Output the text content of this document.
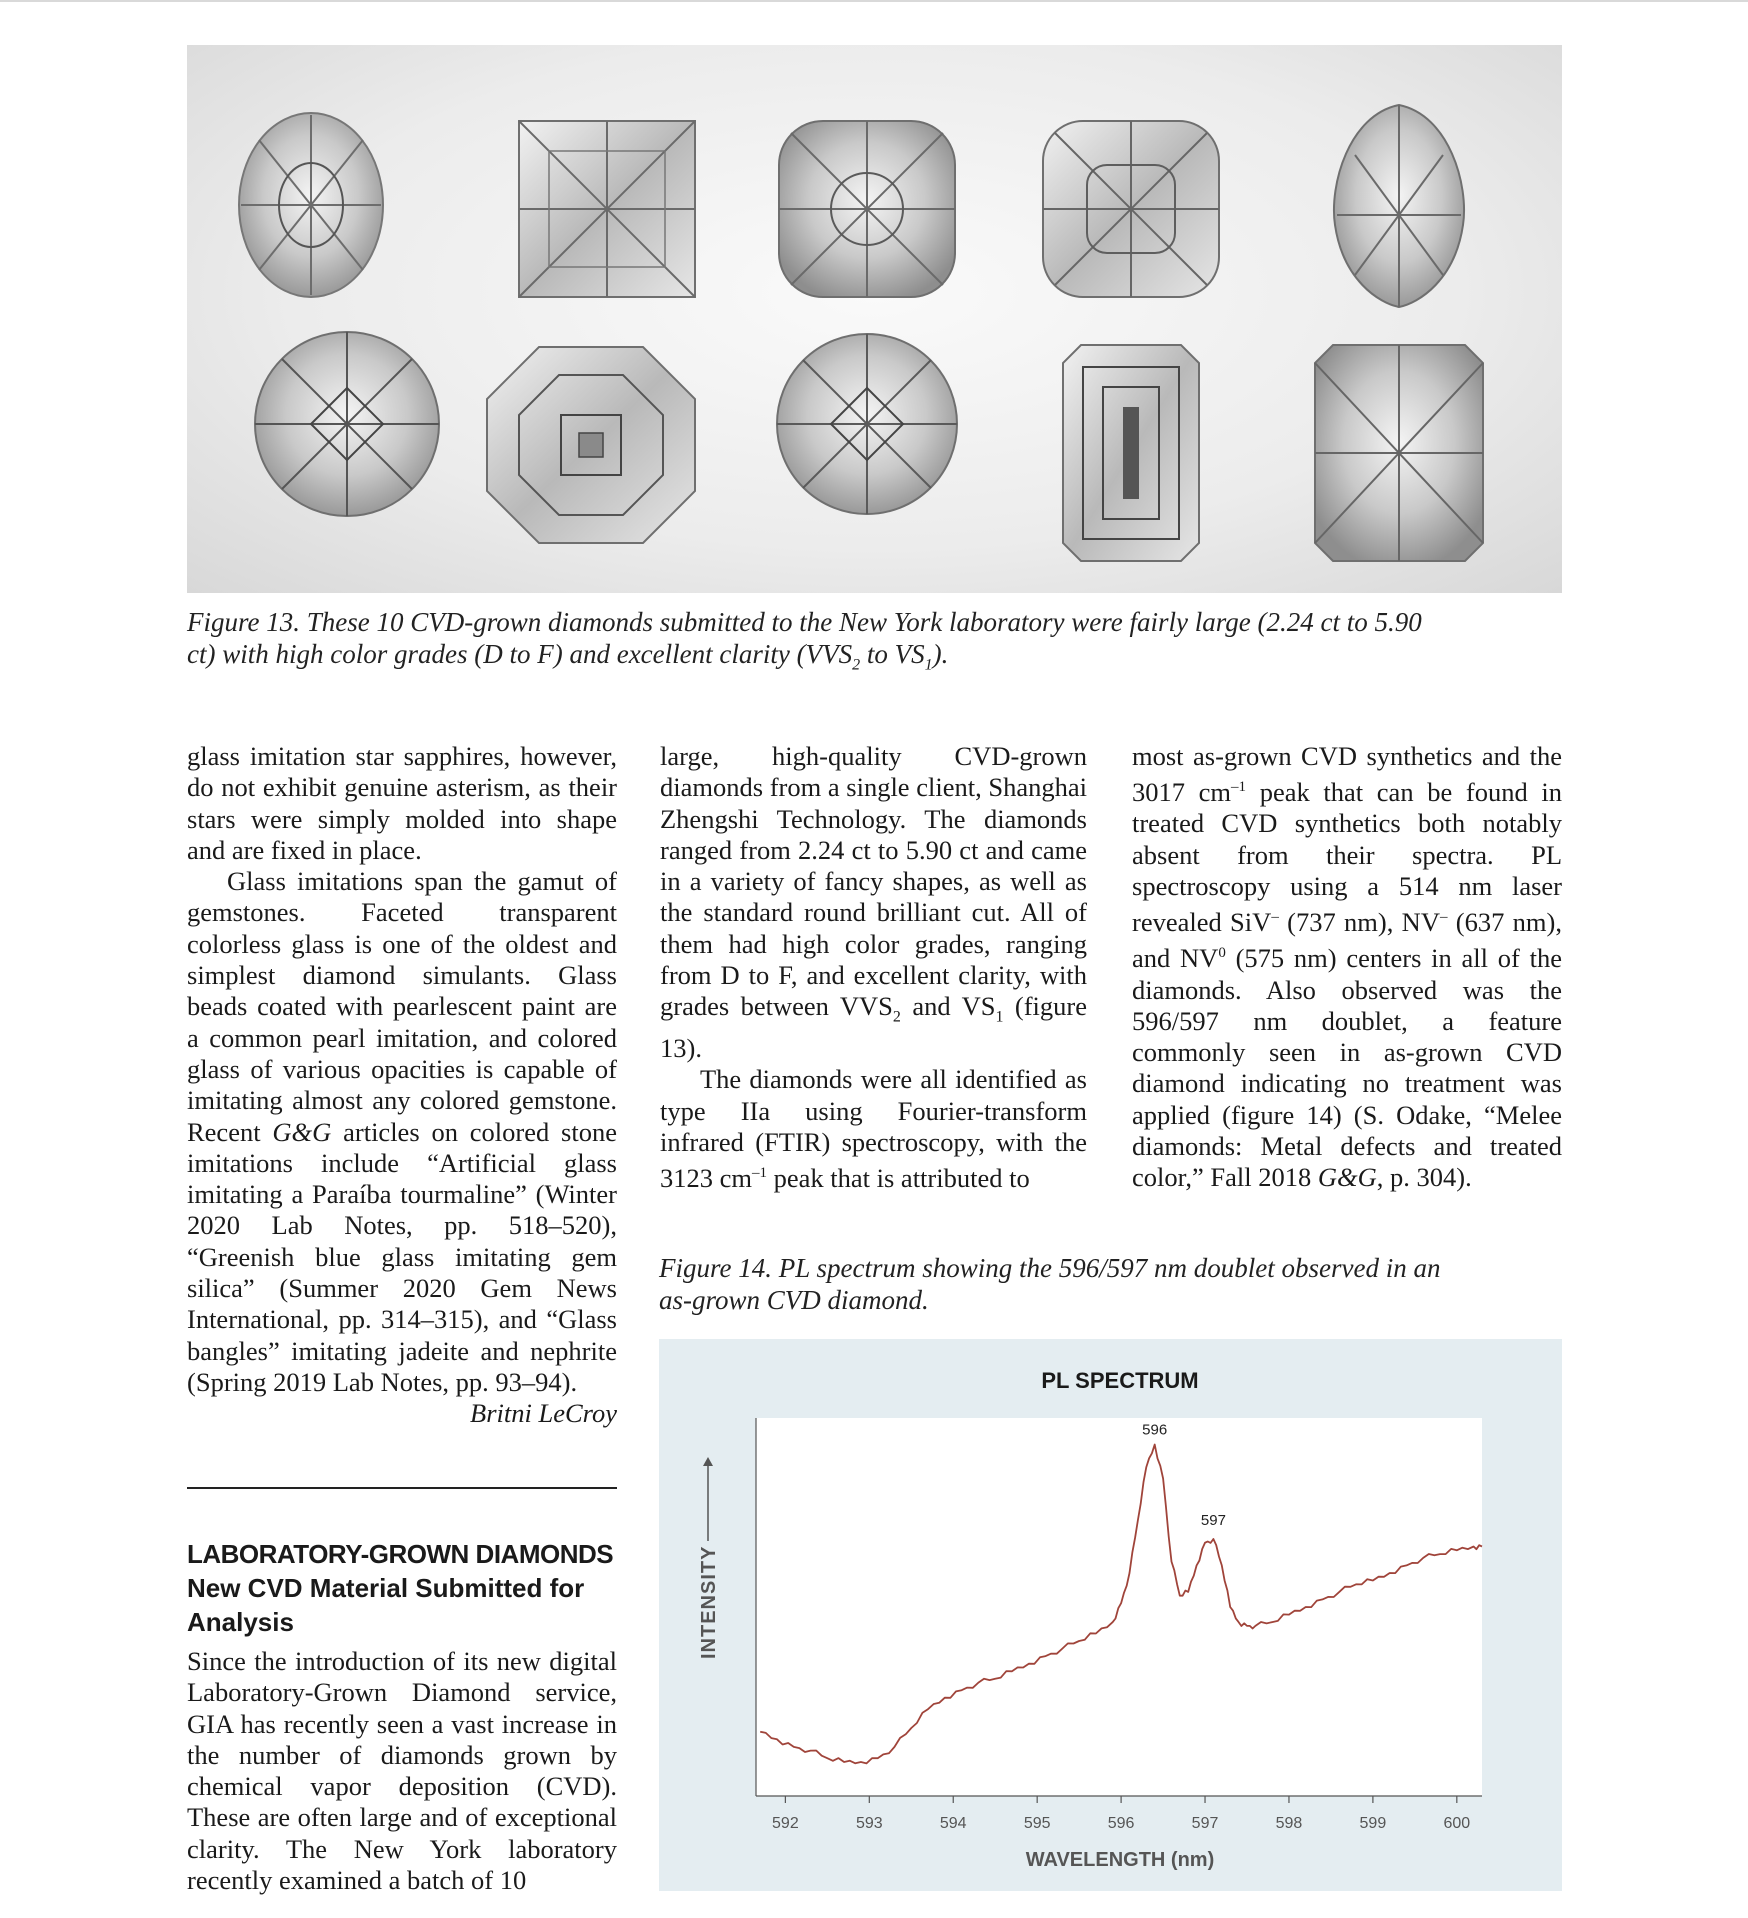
Figure 13. These 10 CVD-grown diamonds submitted to the New York laboratory were fairly large (2.24 ct to 5.90
ct) with high color grades (D to F) and excellent clarity ($VVS_2$ to $VS_1$).

glass imitation star sapphires, however, do not exhibit genuine asterism, as their stars were simply molded into shape and are fixed in place.

Glass imitations span the gamut of gemstones. Faceted transparent colorless glass is one of the oldest and simplest diamond simulants. Glass beads coated with pearlescent paint are a common pearl imitation, and colored glass of various opacities is capable of imitating almost any colored gemstone. Recent G&G articles on colored stone imitations include “Artificial glass imitating a Paraíba tourmaline” (Winter 2020 Lab Notes, pp. 518–520), “Greenish blue glass imitating gem silica” (Summer 2020 Gem News International, pp. 314–315), and “Glass bangles” imitating jadeite and nephrite (Spring 2019 Lab Notes, pp. 93–94).

Britni LeCroy

LABORATORY-GROWN DIAMONDS
New CVD Material Submitted for Analysis

Since the introduction of its new digital Laboratory-Grown Diamond service, GIA has recently seen a vast increase in the number of diamonds grown by chemical vapor deposition (CVD). These are often large and of exceptional clarity. The New York laboratory recently examined a batch of 10

large, high-quality CVD-grown diamonds from a single client, Shanghai Zhengshi Technology. The diamonds ranged from 2.24 ct to 5.90 ct and came in a variety of fancy shapes, as well as the standard round brilliant cut. All of them had high color grades, ranging from D to F, and excellent clarity, with grades between $VVS_2$ and $VS_1$ (figure 13).

The diamonds were all identified as type IIa using Fourier-transform infrared (FTIR) spectroscopy, with the 3123 $cm^{-1}$ peak that is attributed to

most as-grown CVD synthetics and the 3017 $cm^{-1}$ peak that can be found in treated CVD synthetics both notably absent from their spectra. PL spectroscopy using a 514 nm laser revealed SiV– (737 nm), NV– (637 nm), and $NV^0$ (575 nm) centers in all of the diamonds. Also observed was the 596/597 nm doublet, a feature commonly seen in as-grown CVD diamond indicating no treatment was applied (figure 14) (S. Odake, “Melee diamonds: Metal defects and treated color,” Fall 2018 G&G, p. 304).

Figure 14. PL spectrum showing the 596/597 nm doublet observed in an
as-grown CVD diamond.
PL SPECTRUM
592	593	594	595	596	597	598	599	600
596
597
WAVELENGTH (nm)
INTENSITY
